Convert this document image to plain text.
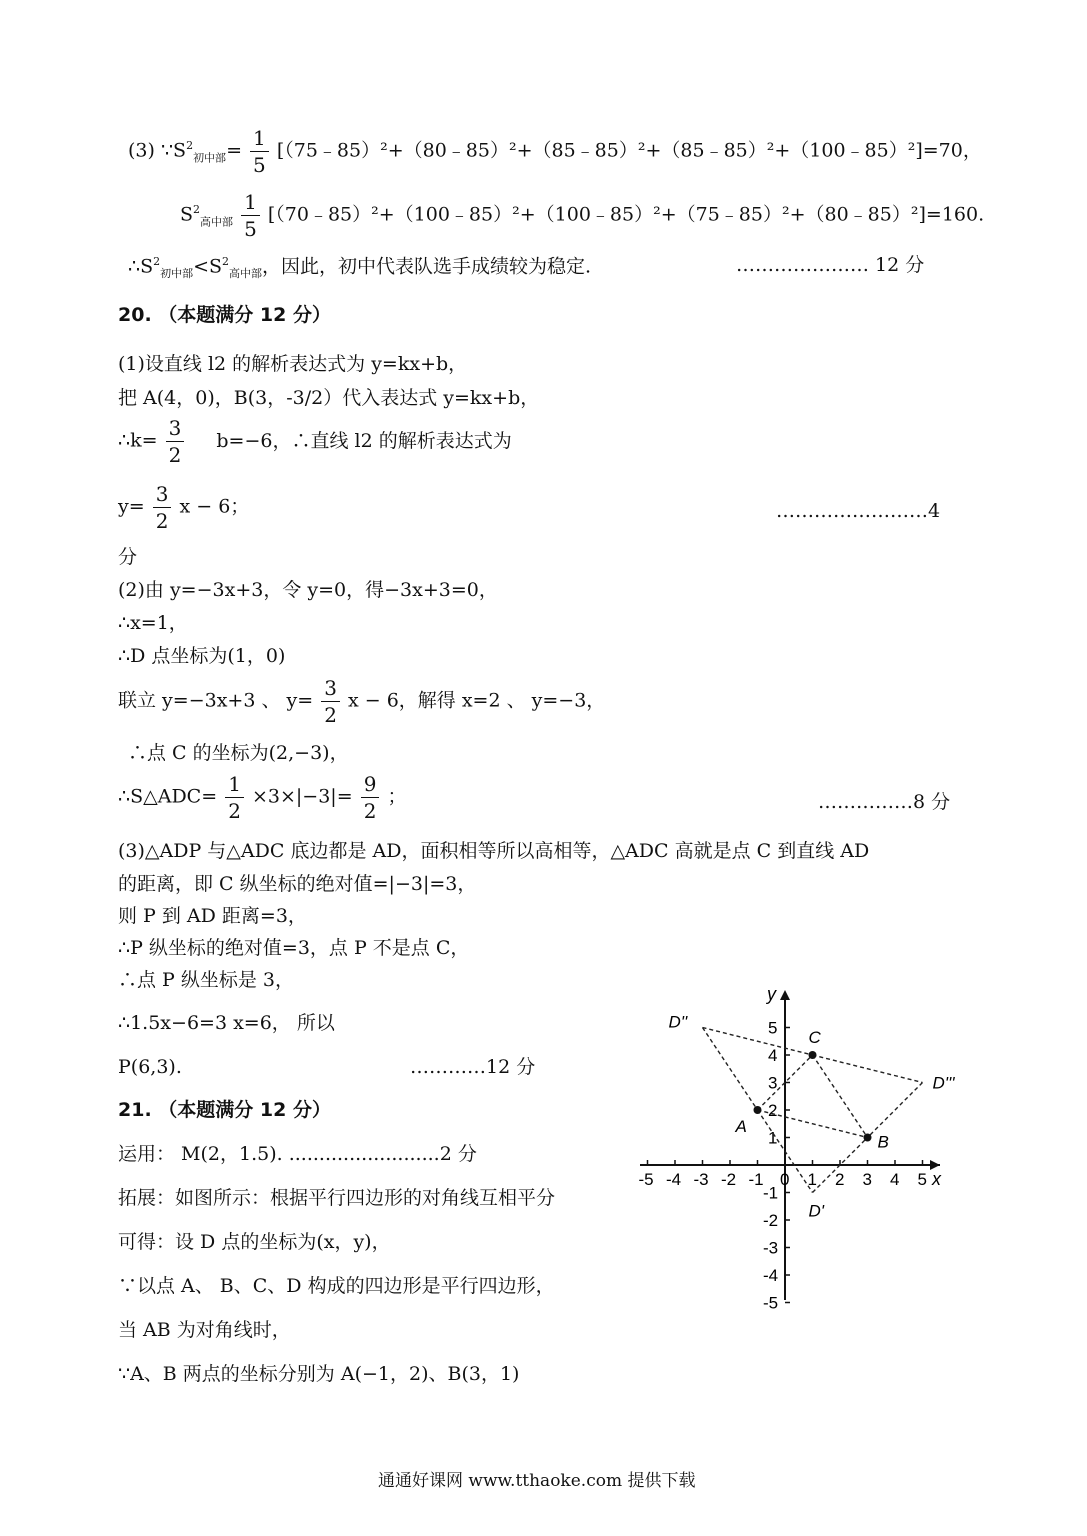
(3) $\because S^2_{初中部}= \frac{1}{5}$ [（75﹣85）²+（80﹣85）²+（85﹣85）²+（85﹣85）²+（100﹣85）²]=70，
$S^2_{高中部} \frac{1}{5}$ [（70﹣85）²+（100﹣85）²+（100﹣85）²+（75﹣85）²+（80﹣85）²]=160.
$\therefore S^2_{初中部}<S^2_{高中部}$，因此，初中代表队选手成绩较为稳定.	………………… 12 分
20. （本题满分 12 分）
(1)设直线 l2 的解析表达式为 y=kx+b，
把 A(4，0)，B(3，-3/2）代入表达式 y=kx+b，
∴k= $\frac{3}{2} b=-6$，∴直线 l2 的解析表达式为
$y= \frac{3}{2}$ x − 6；	……………………4
分
(2)由 y=−3x+3，令 y=0，得−3x+3=0，
∴x=1，
∴D 点坐标为(1，0)
联立 y=−3x+3 、 $y= \frac{3}{2}$ x − 6，解得 x=2 、 y=−3，
∴点 C 的坐标为(2,−3)，
∴S△ADC= $\frac{1}{2} \times 3\times|-3|= \frac{9}{2}$ ；	……………8 分
(3)△ADP 与△ADC 底边都是 AD，面积相等所以高相等，△ADC 高就是点 C 到直线 AD
的距离，即 C 纵坐标的绝对值=|−3|=3，
则 P 到 AD 距离=3，
∴P 纵坐标的绝对值=3，点 P 不是点 C，
∴点 P 纵坐标是 3，
∴1.5x−6=3 x=6， 所以
P(6,3).	…………12 分
21. （本题满分 12 分）
运用： M(2，1.5). .........................2 分
拓展：如图所示：根据平行四边形的对角线互相平分
可得：设 D 点的坐标为(x，y)，
∵以点 A、 B、C、D 构成的四边形是平行四边形，
当 AB 为对角线时，
∵A、B 两点的坐标分别为 A(−1，2)、B(3，1)
x
y
-5 -4 -3 -2 -1 0 1 2 3 4 5
5
4
3
2
1
-1
-2
-3
-4
-5
A
B
C
D'
D''
D'''
通通好课网 www.tthaoke.com 提供下载
